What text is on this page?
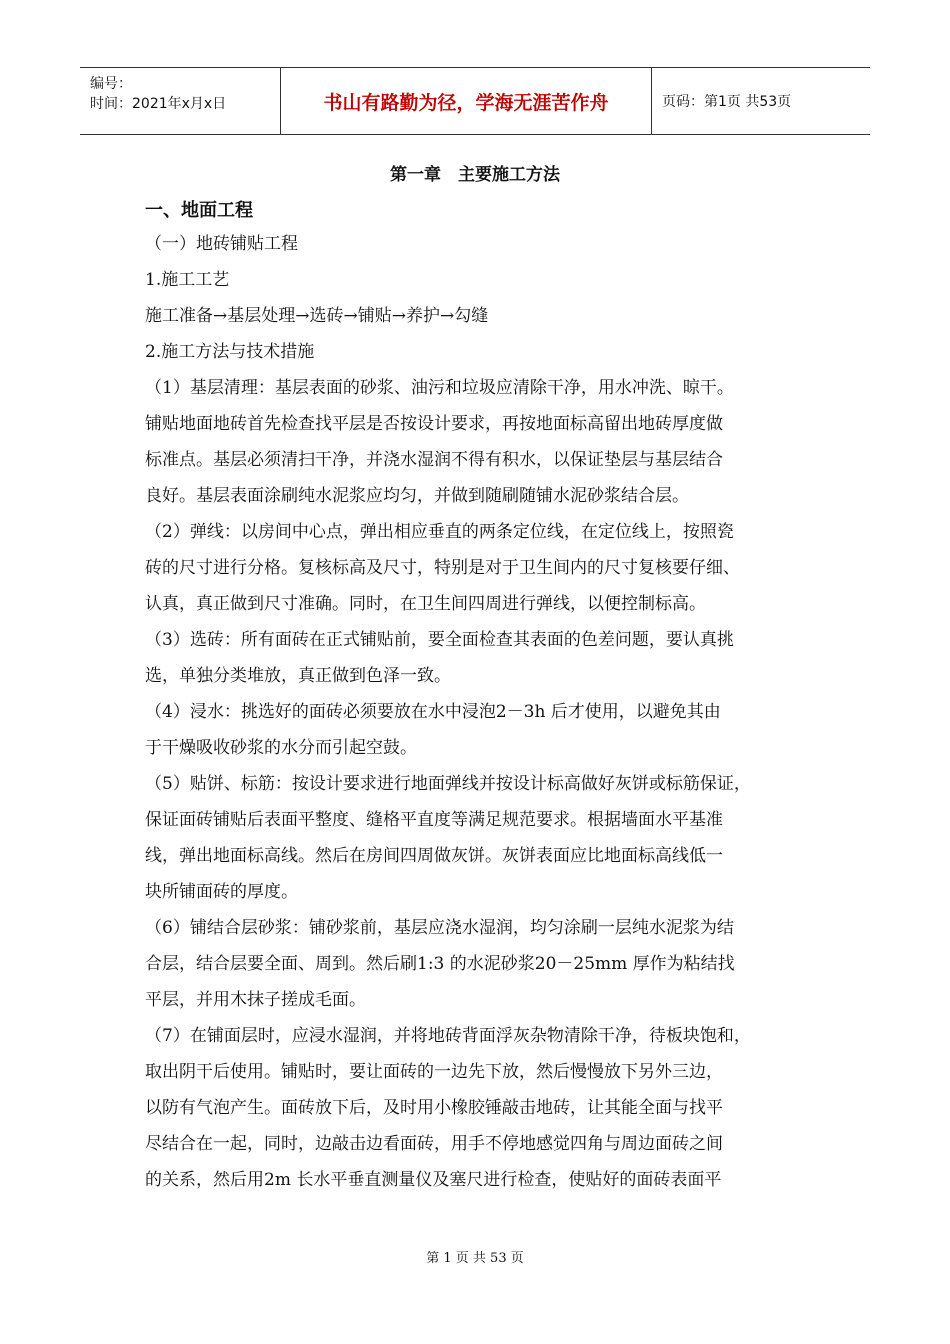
编号：
时间：2021年x月x日	书山有路勤为径，学海无涯苦作舟	页码：第1页 共53页
第一章　主要施工方法
一、地面工程
（一）地砖铺贴工程
1.施工工艺
施工准备→基层处理→选砖→铺贴→养护→勾缝
2.施工方法与技术措施
（1）基层清理：基层表面的砂浆、油污和垃圾应清除干净，用水冲洗、晾干。
铺贴地面地砖首先检查找平层是否按设计要求，再按地面标高留出地砖厚度做
标准点。基层必须清扫干净，并浇水湿润不得有积水，以保证垫层与基层结合
良好。基层表面涂刷纯水泥浆应均匀，并做到随刷随铺水泥砂浆结合层。
（2）弹线：以房间中心点，弹出相应垂直的两条定位线，在定位线上，按照瓷
砖的尺寸进行分格。复核标高及尺寸，特别是对于卫生间内的尺寸复核要仔细、
认真，真正做到尺寸准确。同时，在卫生间四周进行弹线，以便控制标高。
（3）选砖：所有面砖在正式铺贴前，要全面检查其表面的色差问题，要认真挑
选，单独分类堆放，真正做到色泽一致。
（4）浸水：挑选好的面砖必须要放在水中浸泡2－3h 后才使用，以避免其由
于干燥吸收砂浆的水分而引起空鼓。
（5）贴饼、标筋：按设计要求进行地面弹线并按设计标高做好灰饼或标筋保证，
保证面砖铺贴后表面平整度、缝格平直度等满足规范要求。根据墙面水平基准
线，弹出地面标高线。然后在房间四周做灰饼。灰饼表面应比地面标高线低一
块所铺面砖的厚度。
（6）铺结合层砂浆：铺砂浆前，基层应浇水湿润，均匀涂刷一层纯水泥浆为结
合层，结合层要全面、周到。然后刷1:3 的水泥砂浆20－25mm 厚作为粘结找
平层，并用木抹子搓成毛面。
（7）在铺面层时，应浸水湿润，并将地砖背面浮灰杂物清除干净，待板块饱和，
取出阴干后使用。铺贴时，要让面砖的一边先下放，然后慢慢放下另外三边，
以防有气泡产生。面砖放下后，及时用小橡胶锤敲击地砖，让其能全面与找平
尽结合在一起，同时，边敲击边看面砖，用手不停地感觉四角与周边面砖之间
的关系，然后用2m 长水平垂直测量仪及塞尺进行检查，使贴好的面砖表面平
第 1 页 共 53 页
